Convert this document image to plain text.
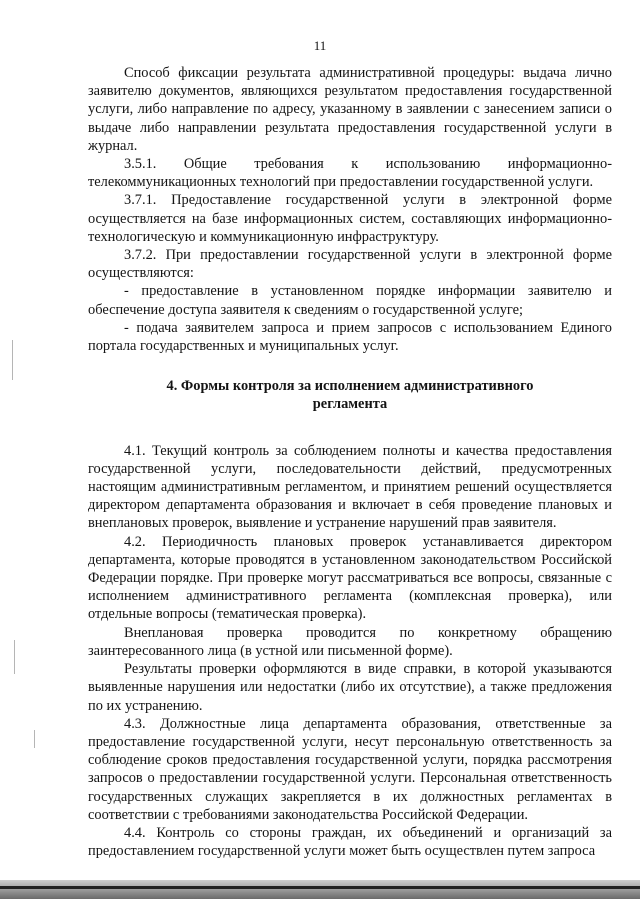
11

Способ фиксации результата административной процедуры: выдача лично заявителю документов, являющихся результатом предоставления государственной услуги, либо направление по адресу, указанному в заявлении с занесением записи о выдаче либо направлении результата предоставления государственной услуги в журнал.

3.5.1. Общие требования к использованию информационно-телекоммуникационных технологий при предоставлении государственной услуги.

3.7.1. Предоставление государственной услуги в электронной форме осуществляется на базе информационных систем, составляющих информационно-технологическую и коммуникационную инфраструктуру.

3.7.2. При предоставлении государственной услуги в электронной форме осуществляются:

- предоставление в установленном порядке информации заявителю и обеспечение доступа заявителя к сведениям о государственной услуге;

- подача заявителем запроса и прием запросов с использованием Единого портала государственных и муниципальных услуг.

4. Формы контроля за исполнением административного регламента

4.1. Текущий контроль за соблюдением полноты и качества предоставления государственной услуги, последовательности действий, предусмотренных настоящим административным регламентом, и принятием решений осуществляется директором департамента образования и включает в себя проведение плановых и внеплановых проверок, выявление и устранение нарушений прав заявителя.

4.2. Периодичность плановых проверок устанавливается директором департамента, которые проводятся в установленном законодательством Российской Федерации порядке. При проверке могут рассматриваться все вопросы, связанные с исполнением административного регламента (комплексная проверка), или отдельные вопросы (тематическая проверка).

Внеплановая проверка проводится по конкретному обращению заинтересованного лица (в устной или письменной форме).

Результаты проверки оформляются в виде справки, в которой указываются выявленные нарушения или недостатки (либо их отсутствие), а также предложения по их устранению.

4.3. Должностные лица департамента образования, ответственные за предоставление государственной услуги, несут персональную ответственность за соблюдение сроков предоставления государственной услуги, порядка рассмотрения запросов о предоставлении государственной услуги. Персональная ответственность государственных служащих закрепляется в их должностных регламентах в соответствии с требованиями законодательства Российской Федерации.

4.4. Контроль со стороны граждан, их объединений и организаций за предоставлением государственной услуги может быть осуществлен путем запроса
